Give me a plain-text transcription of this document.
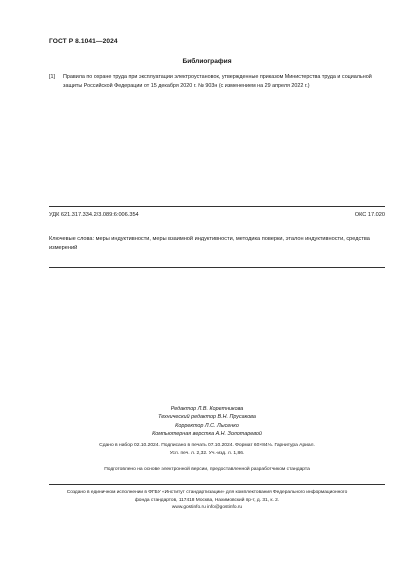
ГОСТ Р 8.1041—2024
Библиография
[1] Правила по охране труда при эксплуатации электроустановок, утвержденные приказом Министерства труда и социальной защиты Российской Федерации от 15 декабря 2020 г. № 903н (с изменением на 29 апреля 2022 г.)
УДК 621.317.334.2/3.089:6:006.354	ОКС 17.020
Ключевые слова: меры индуктивности, меры взаимной индуктивности, методика поверки, эталон индуктивности, средства измерений
Редактор Л.В. Коретникова
Технический редактор В.Н. Прусакова
Корректор Л.С. Лысенко
Компьютерная верстка А.Н. Золотаревой
Сдано в набор 02.10.2024. Подписано в печать 07.10.2024. Формат 60×84⅛. Гарнитура Ариал.
Усл. печ. л. 2,32. Уч.-изд. л. 1,86.
Подготовлено на основе электронной версии, предоставленной разработчиком стандарта
Создано в единичном исполнении в ФГБУ «Институт стандартизации» для комплектования Федерального информационного
фонда стандартов, 117418 Москва, Нахимовский пр-т, д. 31, к. 2.
www.gostinfo.ru info@gostinfo.ru
